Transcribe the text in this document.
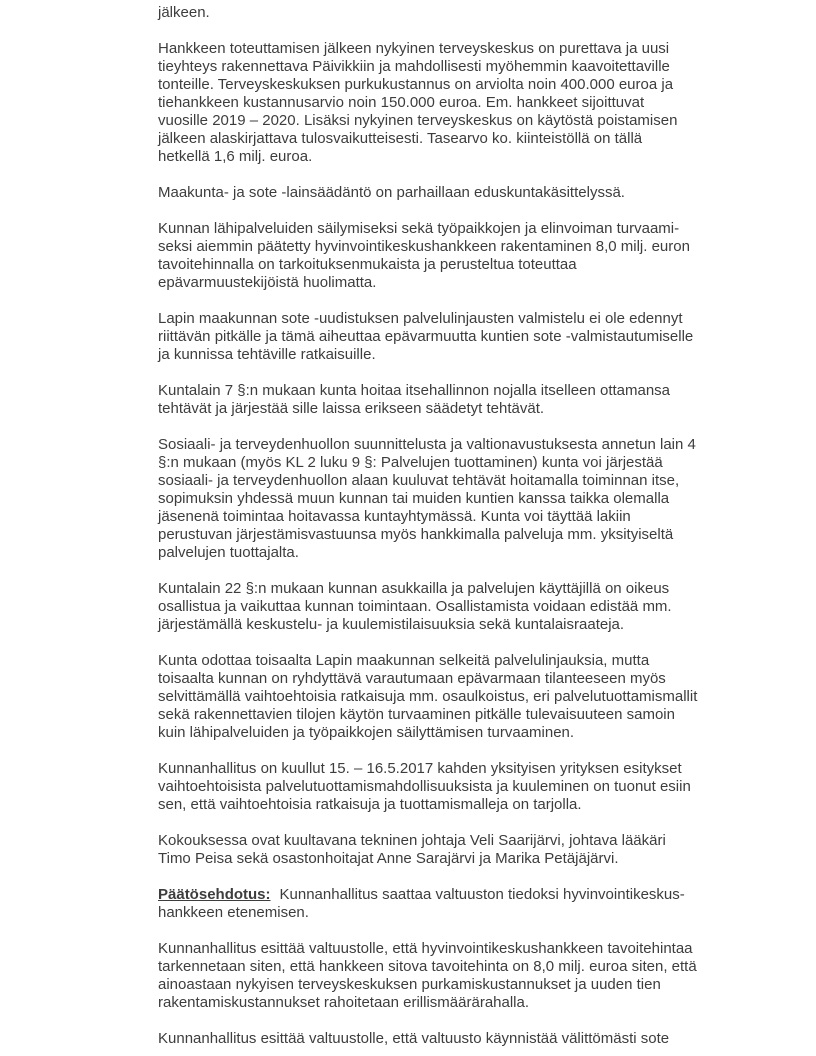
jälkeen.
Hankkeen toteuttamisen jälkeen nykyinen terveyskeskus on purettava ja uusi
tieyhteys rakennettava Päivikkiin ja mahdollisesti myöhemmin kaavoitettaville
tonteille. Terveyskeskuksen purkukustannus on arviolta noin 400.000 euroa ja
tiehankkeen kustannusarvio noin 150.000 euroa. Em. hankkeet sijoittuvat
vuosille 2019 – 2020. Lisäksi nykyinen terveyskeskus on käytöstä poistamisen
jälkeen alaskirjattava tulosvaikutteisesti. Tasearvo ko. kiinteistöllä on tällä
hetkellä 1,6 milj. euroa.
Maakunta- ja sote -lainsäädäntö on parhaillaan eduskuntakäsittelyssä.
Kunnan lähipalveluiden säilymiseksi sekä työpaikkojen ja elinvoiman turvaami-
seksi aiemmin päätetty hyvinvointikeskushankkeen rakentaminen 8,0 milj. euron
tavoitehinnalla on tarkoituksenmukaista ja perusteltua toteuttaa
epävarmuustekijöistä huolimatta.
Lapin maakunnan sote -uudistuksen palvelulinjausten valmistelu ei ole edennyt
riittävän pitkälle ja tämä aiheuttaa epävarmuutta kuntien sote -valmistautumiselle
ja kunnissa tehtäville ratkaisuille.
Kuntalain 7 §:n mukaan kunta hoitaa itsehallinnon nojalla itselleen ottamansa
tehtävät ja järjestää sille laissa erikseen säädetyt tehtävät.
Sosiaali- ja terveydenhuollon suunnittelusta ja valtionavustuksesta annetun lain 4
§:n mukaan (myös KL 2 luku 9 §: Palvelujen tuottaminen) kunta voi järjestää
sosiaali- ja terveydenhuollon alaan kuuluvat tehtävät hoitamalla toiminnan itse,
sopimuksin yhdessä muun kunnan tai muiden kuntien kanssa taikka olemalla
jäsenenä toimintaa hoitavassa kuntayhtymässä. Kunta voi täyttää lakiin
perustuvan järjestämisvastuunsa myös hankkimalla palveluja mm. yksityiseltä
palvelujen tuottajalta.
Kuntalain 22 §:n mukaan kunnan asukkailla ja palvelujen käyttäjillä on oikeus
osallistua ja vaikuttaa kunnan toimintaan. Osallistamista voidaan edistää mm.
järjestämällä keskustelu- ja kuulemistilaisuuksia sekä kuntalaisraateja.
Kunta odottaa toisaalta Lapin maakunnan selkeitä palvelulinjauksia, mutta
toisaalta kunnan on ryhdyttävä varautumaan epävarmaan tilanteeseen myös
selvittämällä vaihtoehtoisia ratkaisuja mm. osaulkoistus, eri palvelutuottamismallit
sekä rakennettavien tilojen käytön turvaaminen pitkälle tulevaisuuteen samoin
kuin lähipalveluiden ja työpaikkojen säilyttämisen turvaaminen.
Kunnanhallitus on kuullut 15. – 16.5.2017 kahden yksityisen yrityksen esitykset
vaihtoehtoisista palvelutuottamismahdollisuuksista ja kuuleminen on tuonut esiin
sen, että vaihtoehtoisia ratkaisuja ja tuottamismalleja on tarjolla.
Kokouksessa ovat kuultavana tekninen johtaja Veli Saarijärvi, johtava lääkäri
Timo Peisa sekä osastonhoitajat Anne Sarajärvi ja Marika Petäjäjärvi.
Päätösehdotus: Kunnanhallitus saattaa valtuuston tiedoksi hyvinvointikeskus-
hankkeen etenemisen.
Kunnanhallitus esittää valtuustolle, että hyvinvointikeskushankkeen tavoitehintaa
tarkennetaan siten, että hankkeen sitova tavoitehinta on 8,0 milj. euroa siten, että
ainoastaan nykyisen terveyskeskuksen purkamiskustannukset ja uuden tien
rakentamiskustannukset rahoitetaan erillismäärärahalla.
Kunnanhallitus esittää valtuustolle, että valtuusto käynnistää välittömästi sote
